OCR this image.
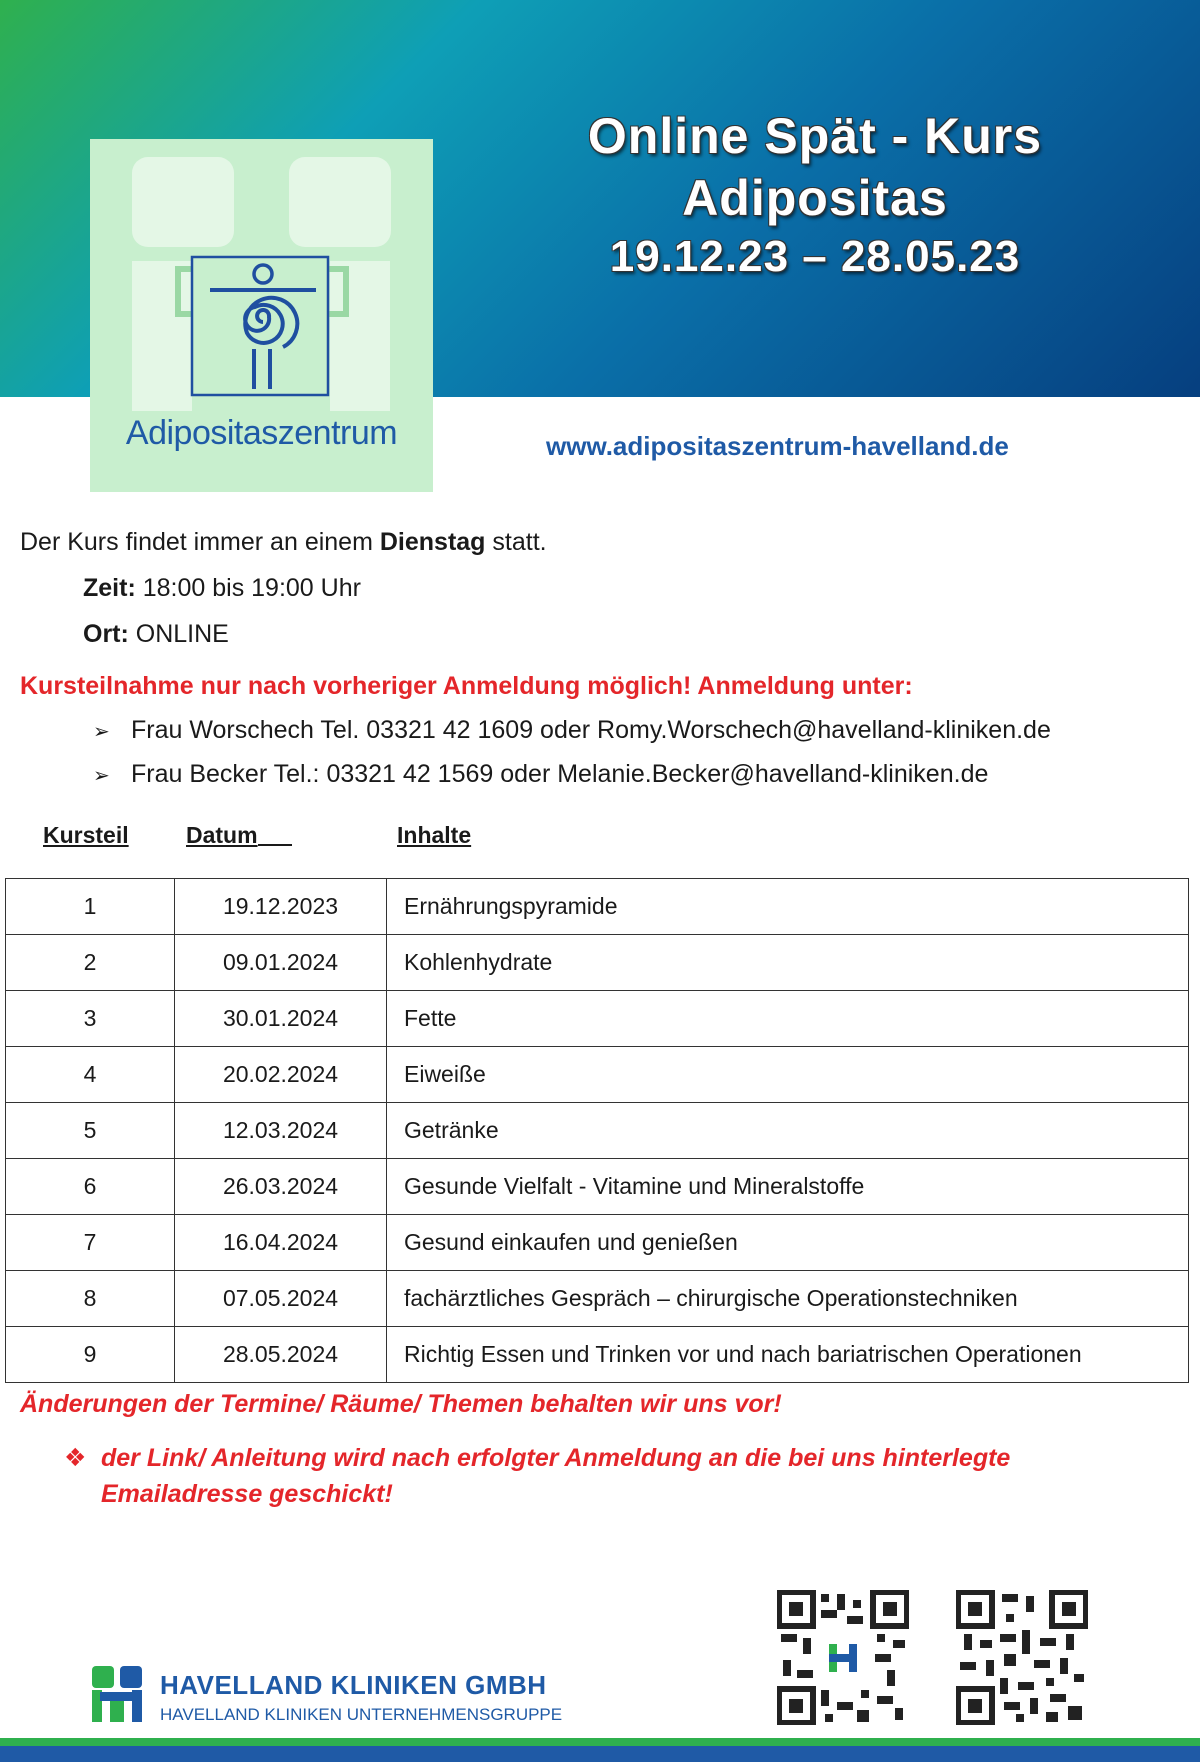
Online Spät - Kurs
Adipositas
19.12.23 – 28.05.23
Adipositaszentrum	www.adipositaszentrum-havelland.de
Der Kurs findet immer an einem Dienstag statt.
Zeit: 18:00 bis 19:00 Uhr
Ort: ONLINE
Kursteilnahme nur nach vorheriger Anmeldung möglich! Anmeldung unter:
➢ Frau Worschech Tel. 03321 42 1609 oder Romy.Worschech@havelland-kliniken.de
➢ Frau Becker Tel.: 03321 42 1569 oder Melanie.Becker@havelland-kliniken.de
Kursteil Datum	Inhalte
1	19.12.2023	Ernährungspyramide
2	09.01.2024	Kohlenhydrate
3	30.01.2024	Fette
4	20.02.2024	Eiweiße
5	12.03.2024	Getränke
6	26.03.2024	Gesunde Vielfalt - Vitamine und Mineralstoffe
7	16.04.2024	Gesund einkaufen und genießen
8	07.05.2024	fachärztliches Gespräch – chirurgische Operationstechniken
9	28.05.2024	Richtig Essen und Trinken vor und nach bariatrischen Operationen
Änderungen der Termine/ Räume/ Themen behalten wir uns vor!
❖ der Link/ Anleitung wird nach erfolgter Anmeldung an die bei uns hinterlegte Emailadresse geschickt!
HAVELLAND KLINIKEN GMBH
HAVELLAND KLINIKEN UNTERNEHMENSGRUPPE
